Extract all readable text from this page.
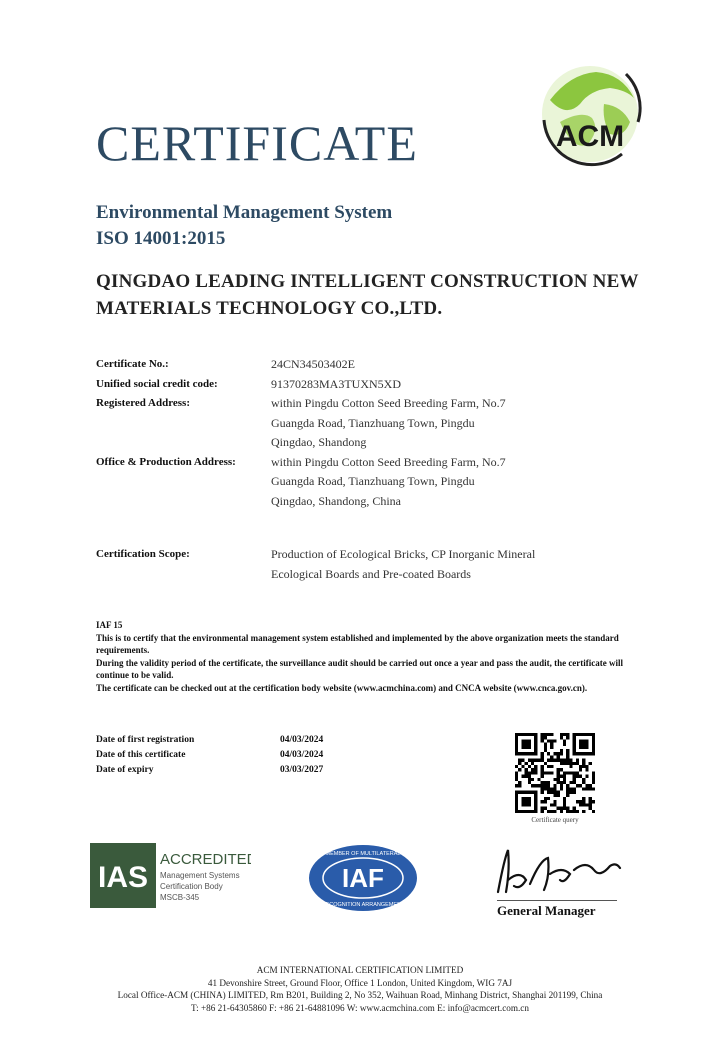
ACM
CERTIFICATE
Environmental Management System
ISO 14001:2015
QINGDAO LEADING INTELLIGENT CONSTRUCTION NEW
MATERIALS TECHNOLOGY CO.,LTD.
Certificate No.:	24CN34503402E
Unified social credit code:	91370283MA3TUXN5XD
Registered Address:	within Pingdu Cotton Seed Breeding Farm, No.7
Guangda Road, Tianzhuang Town, Pingdu
Qingdao, Shandong
Office & Production Address:	within Pingdu Cotton Seed Breeding Farm, No.7
Guangda Road, Tianzhuang Town, Pingdu
Qingdao, Shandong, China
Certification Scope:	Production of Ecological Bricks, CP Inorganic Mineral
Ecological Boards and Pre-coated Boards

IAF 15

This is to certify that the environmental management system established and implemented by the above organization meets the standard requirements.

During the validity period of the certificate, the surveillance audit should be carried out once a year and pass the audit, the certificate will continue to be valid.

The certificate can be checked out at the certification body website (www.acmchina.com) and CNCA website (www.cnca.gov.cn).

Date of first registration	04/03/2024
Date of this certificate	04/03/2024
Date of expiry	03/03/2027
Certificate query
IAS
ACCREDITED
Management Systems
Certification Body
MSCB-345
IAF
MEMBER OF MULTILATERAL
RECOGNITION ARRANGEMENT	General Manager
ACM INTERNATIONAL CERTIFICATION LIMITED
41 Devonshire Street, Ground Floor, Office 1 London, United Kingdom, WIG 7AJ
Local Office-ACM (CHINA) LIMITED, Rm B201, Building 2, No 352, Waihuan Road, Minhang District, Shanghai 201199, China
T: +86 21-64305860 F: +86 21-64881096 W: www.acmchina.com E: info@acmcert.com.cn
